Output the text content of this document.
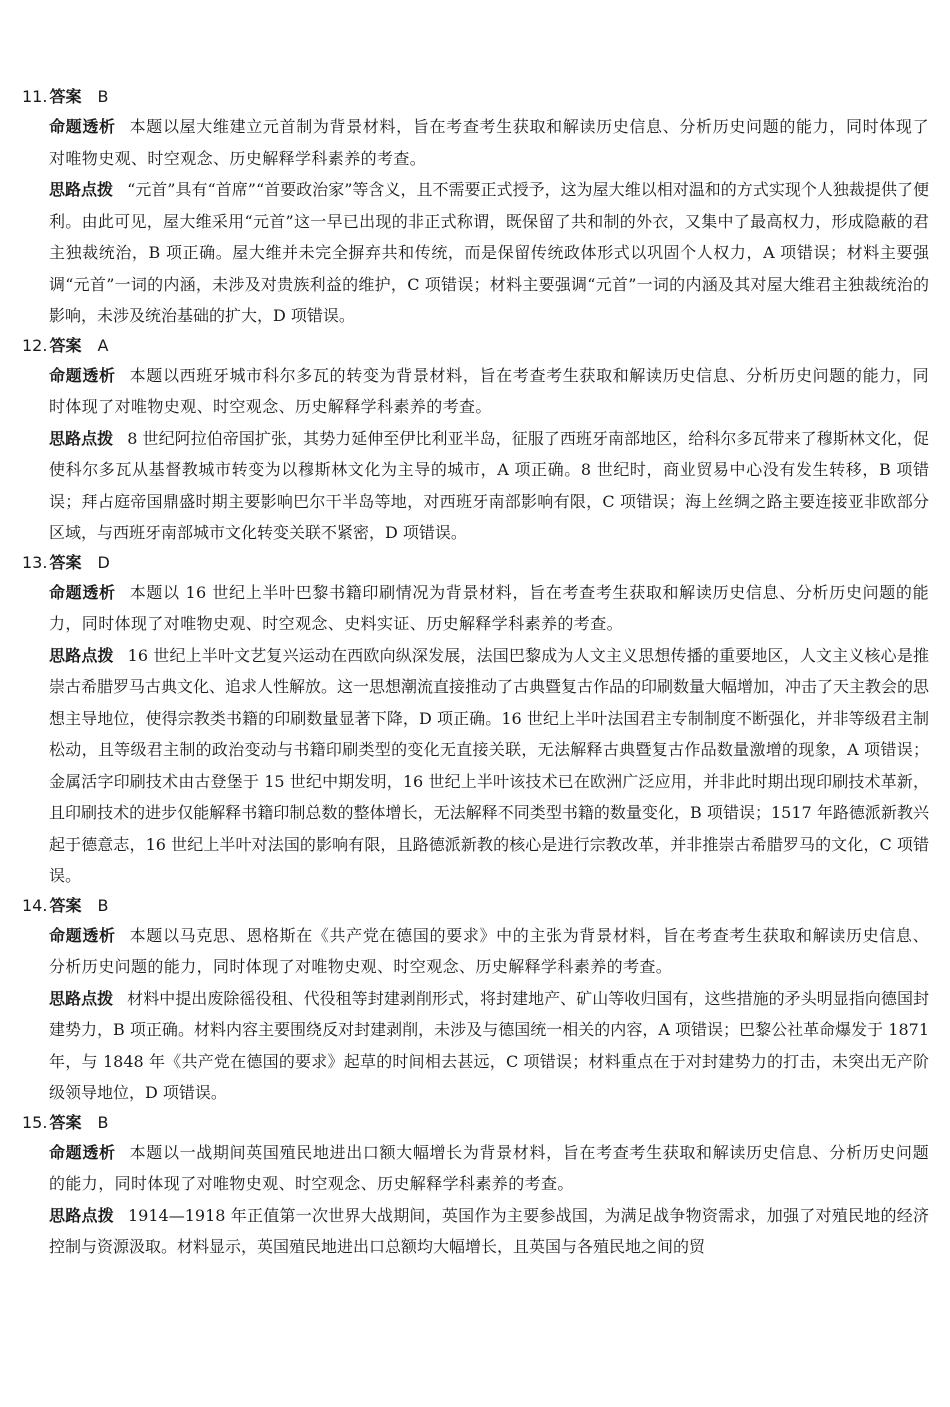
11. 答案 B
命题透析 本题以屋大维建立元首制为背景材料，旨在考查考生获取和解读历史信息、分析历史问题的能力，同时体现了对唯物史观、时空观念、历史解释学科素养的考查。
思路点拨 “元首”具有“首席”“首要政治家”等含义，且不需要正式授予，这为屋大维以相对温和的方式实现个人独裁提供了便利。由此可见，屋大维采用“元首”这一早已出现的非正式称谓，既保留了共和制的外衣，又集中了最高权力，形成隐蔽的君主独裁统治，B 项正确。屋大维并未完全摒弃共和传统，而是保留传统政体形式以巩固个人权力，A 项错误；材料主要强调“元首”一词的内涵，未涉及对贵族利益的维护，C 项错误；材料主要强调“元首”一词的内涵及其对屋大维君主独裁统治的影响，未涉及统治基础的扩大，D 项错误。
12. 答案 A
命题透析 本题以西班牙城市科尔多瓦的转变为背景材料，旨在考查考生获取和解读历史信息、分析历史问题的能力，同时体现了对唯物史观、时空观念、历史解释学科素养的考查。
思路点拨 8 世纪阿拉伯帝国扩张，其势力延伸至伊比利亚半岛，征服了西班牙南部地区，给科尔多瓦带来了穆斯林文化，促使科尔多瓦从基督教城市转变为以穆斯林文化为主导的城市，A 项正确。8 世纪时，商业贸易中心没有发生转移，B 项错误；拜占庭帝国鼎盛时期主要影响巴尔干半岛等地，对西班牙南部影响有限，C 项错误；海上丝绸之路主要连接亚非欧部分区域，与西班牙南部城市文化转变关联不紧密，D 项错误。
13. 答案 D
命题透析 本题以 16 世纪上半叶巴黎书籍印刷情况为背景材料，旨在考查考生获取和解读历史信息、分析历史问题的能力，同时体现了对唯物史观、时空观念、史料实证、历史解释学科素养的考查。
思路点拨 16 世纪上半叶文艺复兴运动在西欧向纵深发展，法国巴黎成为人文主义思想传播的重要地区，人文主义核心是推崇古希腊罗马古典文化、追求人性解放。这一思想潮流直接推动了古典暨复古作品的印刷数量大幅增加，冲击了天主教会的思想主导地位，使得宗教类书籍的印刷数量显著下降，D 项正确。16 世纪上半叶法国君主专制制度不断强化，并非等级君主制松动，且等级君主制的政治变动与书籍印刷类型的变化无直接关联，无法解释古典暨复古作品数量激增的现象，A 项错误；金属活字印刷技术由古登堡于 15 世纪中期发明，16 世纪上半叶该技术已在欧洲广泛应用，并非此时期出现印刷技术革新，且印刷技术的进步仅能解释书籍印制总数的整体增长，无法解释不同类型书籍的数量变化，B 项错误；1517 年路德派新教兴起于德意志，16 世纪上半叶对法国的影响有限，且路德派新教的核心是进行宗教改革，并非推崇古希腊罗马的文化，C 项错误。
14. 答案 B
命题透析 本题以马克思、恩格斯在《共产党在德国的要求》中的主张为背景材料，旨在考查考生获取和解读历史信息、分析历史问题的能力，同时体现了对唯物史观、时空观念、历史解释学科素养的考查。
思路点拨 材料中提出废除徭役租、代役租等封建剥削形式，将封建地产、矿山等收归国有，这些措施的矛头明显指向德国封建势力，B 项正确。材料内容主要围绕反对封建剥削，未涉及与德国统一相关的内容，A 项错误；巴黎公社革命爆发于 1871 年，与 1848 年《共产党在德国的要求》起草的时间相去甚远，C 项错误；材料重点在于对封建势力的打击，未突出无产阶级领导地位，D 项错误。
15. 答案 B
命题透析 本题以一战期间英国殖民地进出口额大幅增长为背景材料，旨在考查考生获取和解读历史信息、分析历史问题的能力，同时体现了对唯物史观、时空观念、历史解释学科素养的考查。
思路点拨 1914—1918 年正值第一次世界大战期间，英国作为主要参战国，为满足战争物资需求，加强了对殖民地的经济控制与资源汲取。材料显示，英国殖民地进出口总额均大幅增长，且英国与各殖民地之间的贸
